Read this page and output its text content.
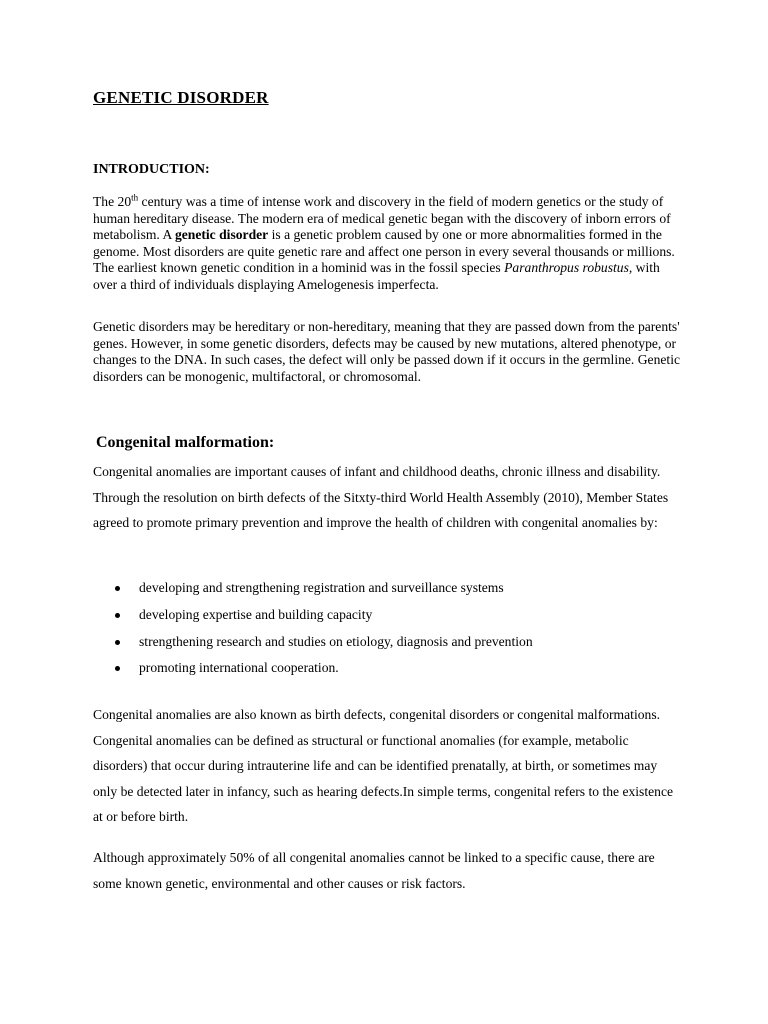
GENETIC DISORDER
INTRODUCTION:
The 20th century was a time of intense work and discovery in the field of modern genetics or the study of human hereditary disease. The modern era of medical genetic began with the discovery of inborn errors of metabolism. A genetic disorder is a genetic problem caused by one or more abnormalities formed in the genome. Most disorders are quite genetic rare and affect one person in every several thousands or millions. The earliest known genetic condition in a hominid was in the fossil species Paranthropus robustus, with over a third of individuals displaying Amelogenesis imperfecta.
Genetic disorders may be hereditary or non-hereditary, meaning that they are passed down from the parents' genes. However, in some genetic disorders, defects may be caused by new mutations, altered phenotype, or changes to the DNA. In such cases, the defect will only be passed down if it occurs in the germline. Genetic disorders can be monogenic, multifactoral, or chromosomal.
Congenital malformation:
Congenital anomalies are important causes of infant and childhood deaths, chronic illness and disability. Through the resolution on birth defects of the Sitxty-third World Health Assembly (2010), Member States agreed to promote primary prevention and improve the health of children with congenital anomalies by:
developing and strengthening registration and surveillance systems
developing expertise and building capacity
strengthening research and studies on etiology, diagnosis and prevention
promoting international cooperation.
Congenital anomalies are also known as birth defects, congenital disorders or congenital malformations. Congenital anomalies can be defined as structural or functional anomalies (for example, metabolic disorders) that occur during intrauterine life and can be identified prenatally, at birth, or sometimes may only be detected later in infancy, such as hearing defects.In simple terms, congenital refers to the existence at or before birth.
Although approximately 50% of all congenital anomalies cannot be linked to a specific cause, there are some known genetic, environmental and other causes or risk factors.
